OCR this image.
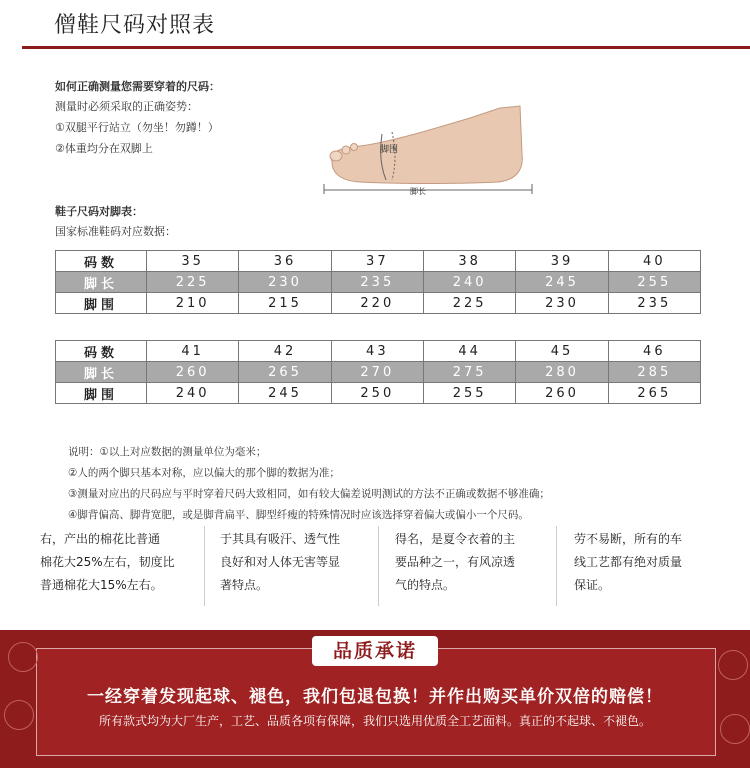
僧鞋尺码对照表
如何正确测量您需要穿着的尺码：
测量时必须采取的正确姿势：
①双腿平行站立（勿坐！勿蹲！）
②体重均分在双脚上	脚围
脚长
鞋子尺码对脚表：
国家标准鞋码对应数据：
码数	35	36	37	38	39	40
脚长	225	230	235	240	245	255
脚围	210	215	220	225	230	235
码数	41	42	43	44	45	46
脚长	260	265	270	275	280	285
脚围	240	245	250	255	260	265
说明：①以上对应数据的测量单位为毫米；
②人的两个脚只基本对称，应以偏大的那个脚的数据为准；
③测量对应出的尺码应与平时穿着尺码大致相同，如有较大偏差说明测试的方法不正确或数据不够准确；
④脚背偏高、脚背宽肥，或是脚背扁平、脚型纤瘦的特殊情况时应该选择穿着偏大或偏小一个尺码。
右，产出的棉花比普通
棉花大25%左右，韧度比
普通棉花大15%左右。
于其具有吸汗、透气性
良好和对人体无害等显
著特点。
得名，是夏令衣着的主
要品种之一，有风凉透
气的特点。
劳不易断，所有的车
线工艺都有绝对质量
保证。
品质承诺
一经穿着发现起球、褪色，我们包退包换！并作出购买单价双倍的赔偿！
所有款式均为大厂生产，工艺、品质各项有保障，我们只选用优质全工艺面料。真正的不起球、不褪色。
